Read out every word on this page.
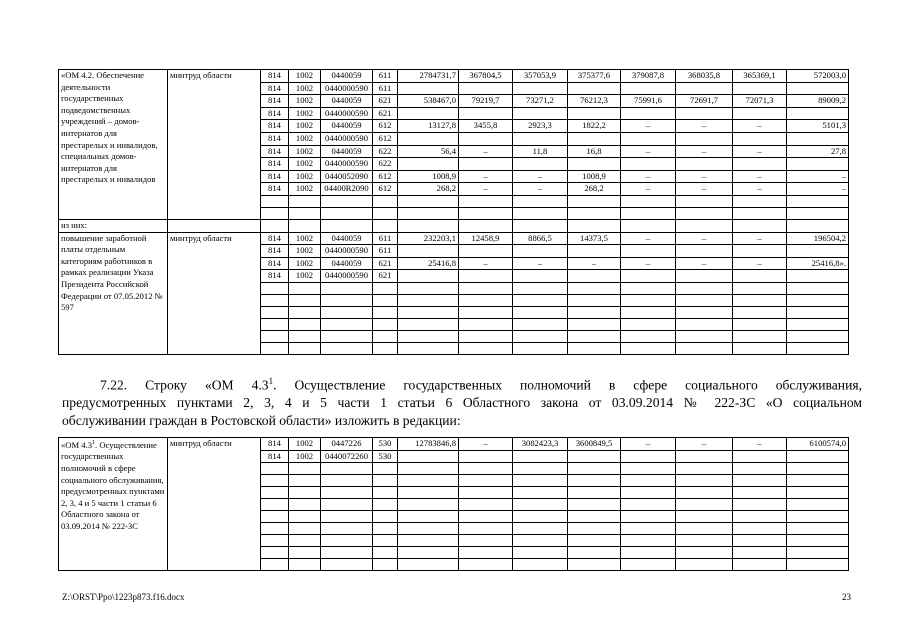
«ОМ 4.2. Обеспечение деятельности государственных подведомственных учреждений – домов-интернатов для престарелых и инвалидов, специальных домов-интернатов для престарелых и инвалидов	минтруд области	814	1002	0440059	611	2784731,7	367804,5	357053,9	375377,6	379087,8	368035,8	365369,1	572003,0
		814	1002	0440000590	611								
		814	1002	0440059	621	538467,0	79219,7	73271,2	76212,3	75991,6	72691,7	72071,3	89009,2
		814	1002	0440000590	621								
		814	1002	0440059	612	13127,8	3455,8	2923,3	1822,2	–	–	–	5101,3
		814	1002	0440000590	612								
		814	1002	0440059	622	56,4	–	11,8	16,8	–	–	–	27,8
		814	1002	0440000590	622								
		814	1002	0440052090	612	1008,9	–	–	1008,9	–	–	–	–
		814	1002	04400R2090	612	268,2	–	–	268,2	–	–	–	–

из них:													
повышение заработной платы отдельным категориям работников в рамках реализации Указа Президента Российской Федерации от 07.05.2012 № 597	минтруд области	814	1002	0440059	611	232203,1	12458,9	8866,5	14373,5	–	–	–	196504,2
		814	1002	0440000590	611								
		814	1002	0440059	621	25416,8	–	–	–	–	–	–	25416,8».
		814	1002	0440000590	621								

7.22. Строку «ОМ $4.3^1$. Осуществление государственных полномочий в сфере социального обслуживания,
предусмотренных пунктами 2, 3, 4 и 5 части 1 статьи 6 Областного закона от 03.09.2014 № 222-ЗС «О социальном
обслуживании граждан в Ростовской области» изложить в редакции:
«ОМ $4.3^1$. Осуществление государственных полномочий в сфере социального обслуживания, предусмотренных пунктами 2, 3, 4 и 5 части 1 статьи 6 Областного закона от 03.09.2014 № 222-ЗС	минтруд области	814	1002	0447226	530	12783846,8	–	3082423,3	3600849,5	–	–	–	6100574,0
		814	1002	0440072260	530								

Z:\ORST\Ppo\1223p873.f16.docx	23
